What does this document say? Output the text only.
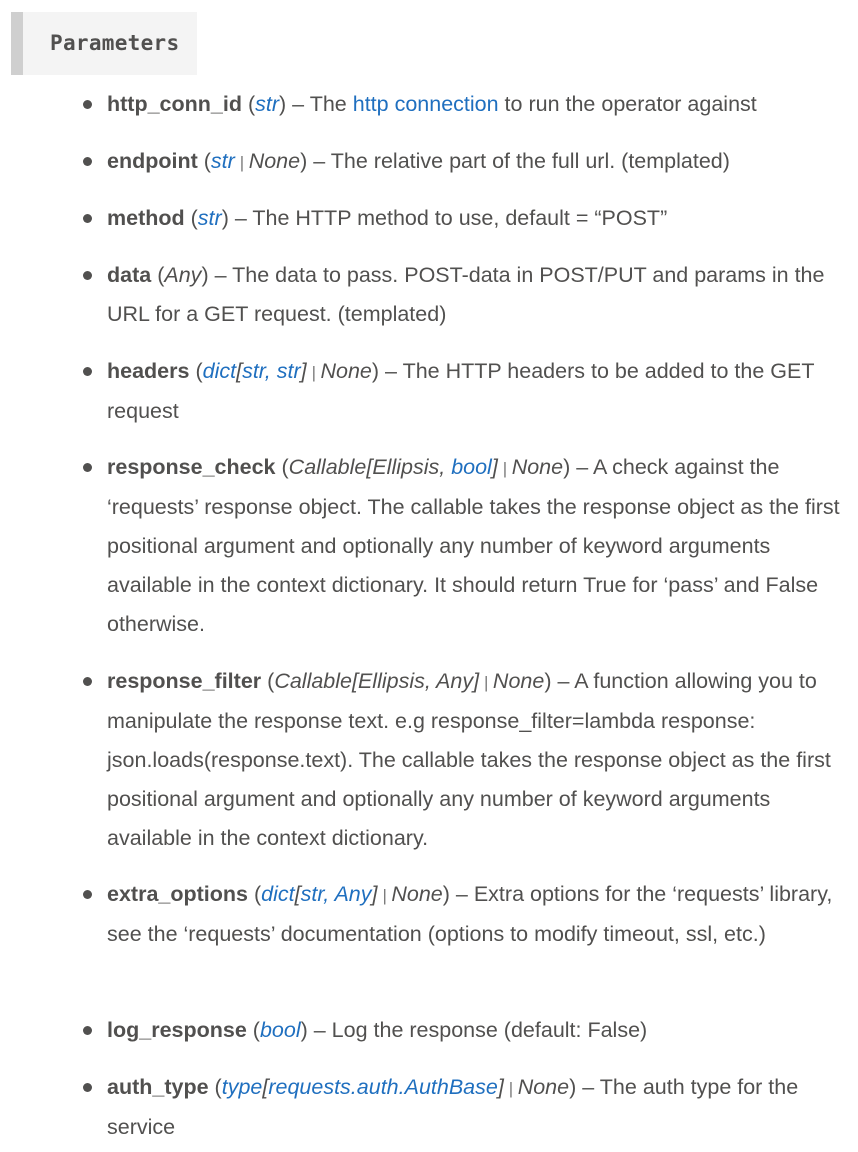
Parameters
http_conn_id (str) – The http connection to run the operator against
endpoint (str | None) – The relative part of the full url. (templated)
method (str) – The HTTP method to use, default = “POST”
data (Any) – The data to pass. POST-data in POST/PUT and params in the URL for a GET request. (templated)
headers (dict[str, str] | None) – The HTTP headers to be added to the GET request
response_check (Callable[Ellipsis, bool] | None) – A check against the ‘requests’ response object. The callable takes the response object as the first positional argument and optionally any number of keyword arguments available in the context dictionary. It should return True for ‘pass’ and False otherwise.
response_filter (Callable[Ellipsis, Any] | None) – A function allowing you to manipulate the response text. e.g response_filter=lambda response: json.loads(response.text). The callable takes the response object as the first positional argument and optionally any number of keyword arguments available in the context dictionary.
extra_options (dict[str, Any] | None) – Extra options for the ‘requests’ library, see the ‘requests’ documentation (options to modify timeout, ssl, etc.)
log_response (bool) – Log the response (default: False)
auth_type (type[requests.auth.AuthBase] | None) – The auth type for the service
